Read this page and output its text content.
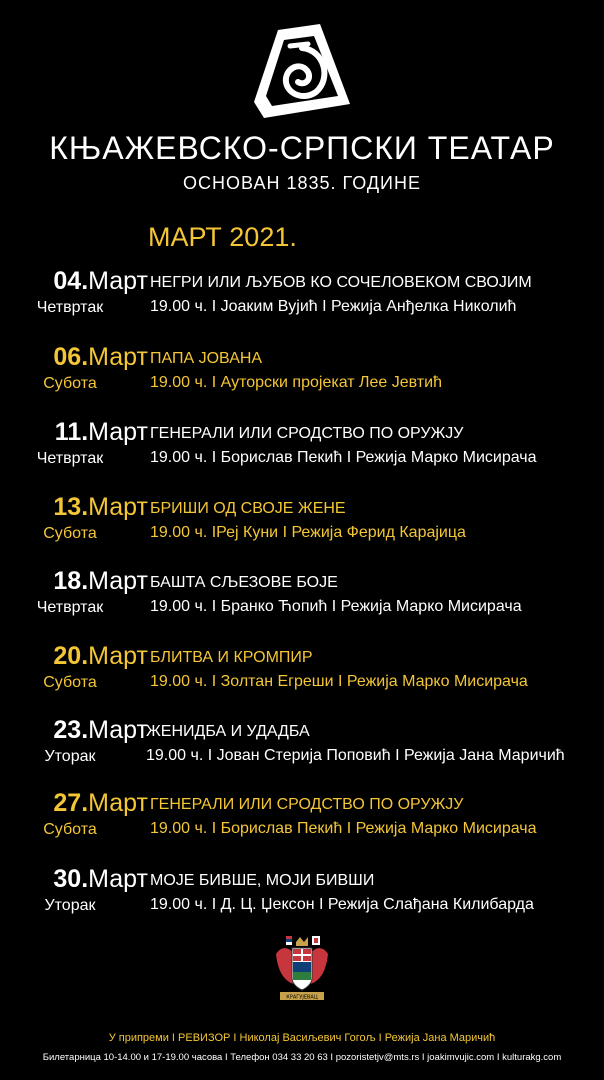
КЊАЖЕВСКО-СРПСКИ ТЕАТАР
ОСНОВАН 1835. ГОДИНЕ
МАРТ 2021.
04.Март
Четвртак
НЕГРИ ИЛИ ЉУБОВ КО СОЧЕЛОВЕКОМ СВОЈИМ
19.00 ч. I Јоаким Вујић I Режија Анђелка Николић
06.Март
Субота
ПАПА ЈОВАНА
19.00 ч. I Ауторски пројекат Лее Јевтић
11.Март
Четвртак
ГЕНЕРАЛИ ИЛИ СРОДСТВО ПО ОРУЖЈУ
19.00 ч. I Борислав Пекић I Режија Марко Мисирача
13.Март
Субота
БРИШИ ОД СВОЈЕ ЖЕНЕ
19.00 ч. IРеј Куни I Режија Ферид Карајица
18.Март
Четвртак
БАШТА СЉЕЗОВЕ БОЈЕ
19.00 ч. I Бранко Ћопић I Режија Марко Мисирача
20.Март
Субота
БЛИТВА И КРОМПИР
19.00 ч. I Золтан Егреши I Режија Марко Мисирача
23.Март
Уторак
ЖЕНИДБА И УДАДБА
19.00 ч. I Јован Стерија Поповић I Режија Јана Маричић
27.Март
Субота
ГЕНЕРАЛИ ИЛИ СРОДСТВО ПО ОРУЖЈУ
19.00 ч. I Борислав Пекић I Режија Марко Мисирача
30.Март
Уторак
МОЈЕ БИВШЕ, МОЈИ БИВШИ
19.00 ч. I Д. Ц. Џексон I Режија Слађана Килибарда
КРАГУЈЕВАЦ
У припреми I РЕВИЗОР I Николај Васиљевич Гогољ I Режија Јана Маричић
Билетарница 10-14.00 и 17-19.00 часова I Телефон 034 33 20 63 I pozoristetjv@mts.rs I joakimvujic.com I kulturakg.com
